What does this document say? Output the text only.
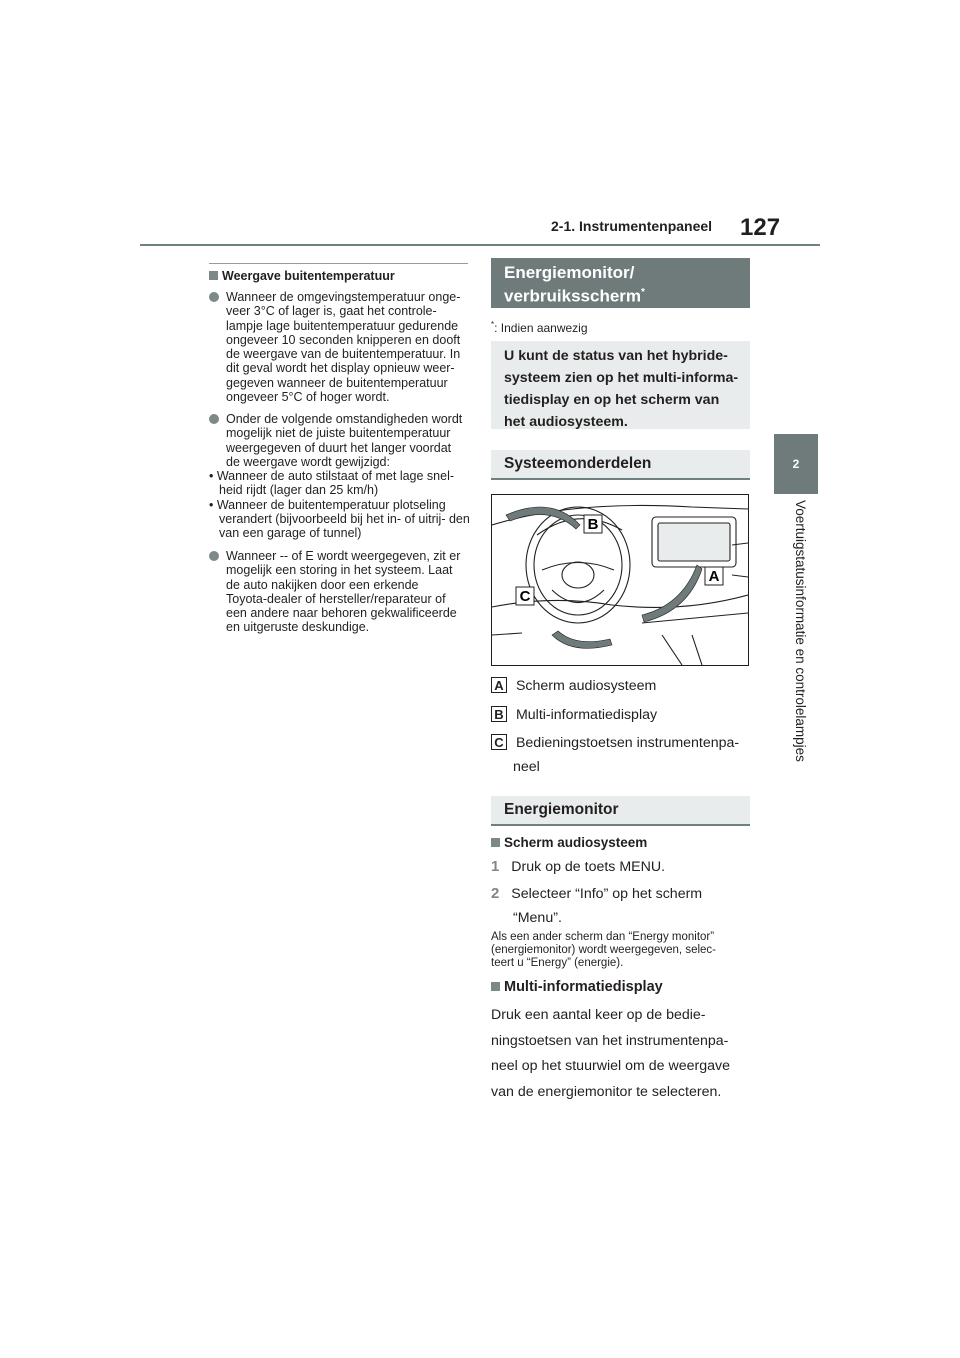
2-1. Instrumentenpaneel 127
2
Voertuigstatusinformatie en controlelampjes
Weergave buitentemperatuur
Wanneer de omgevingstemperatuur onge-
veer 3°C of lager is, gaat het controle-
lampje lage buitentemperatuur gedurende
ongeveer 10 seconden knipperen en dooft
de weergave van de buitentemperatuur. In
dit geval wordt het display opnieuw weer-
gegeven wanneer de buitentemperatuur
ongeveer 5°C of hoger wordt.
Onder de volgende omstandigheden wordt
mogelijk niet de juiste buitentemperatuur
weergegeven of duurt het langer voordat
de weergave wordt gewijzigd:
• Wanneer de auto stilstaat of met lage snel- heid rijdt (lager dan 25 km/h)
• Wanneer de buitentemperatuur plotseling verandert (bijvoorbeeld bij het in- of uitrij- den van een garage of tunnel)
Wanneer -- of E wordt weergegeven, zit er
mogelijk een storing in het systeem. Laat
de auto nakijken door een erkende
Toyota-dealer of hersteller/reparateur of
een andere naar behoren gekwalificeerde
en uitgeruste deskundige.
Energiemonitor/
verbruiksscherm*
*: Indien aanwezig
U kunt de status van het hybride-
systeem zien op het multi-informa-
tiedisplay en op het scherm van
het audiosysteem.
Systeemonderdelen
B
A
C
A Scherm audiosysteem
B Multi-informatiedisplay
C Bedieningstoetsen instrumentenpa-
neel
Energiemonitor
Scherm audiosysteem
1 Druk op de toets MENU.
2 Selecteer “Info” op het scherm
“Menu”.
Als een ander scherm dan “Energy monitor”
(energiemonitor) wordt weergegeven, selec-
teert u “Energy” (energie).
Multi-informatiedisplay
Druk een aantal keer op de bedie-
ningstoetsen van het instrumentenpa-
neel op het stuurwiel om de weergave
van de energiemonitor te selecteren.
